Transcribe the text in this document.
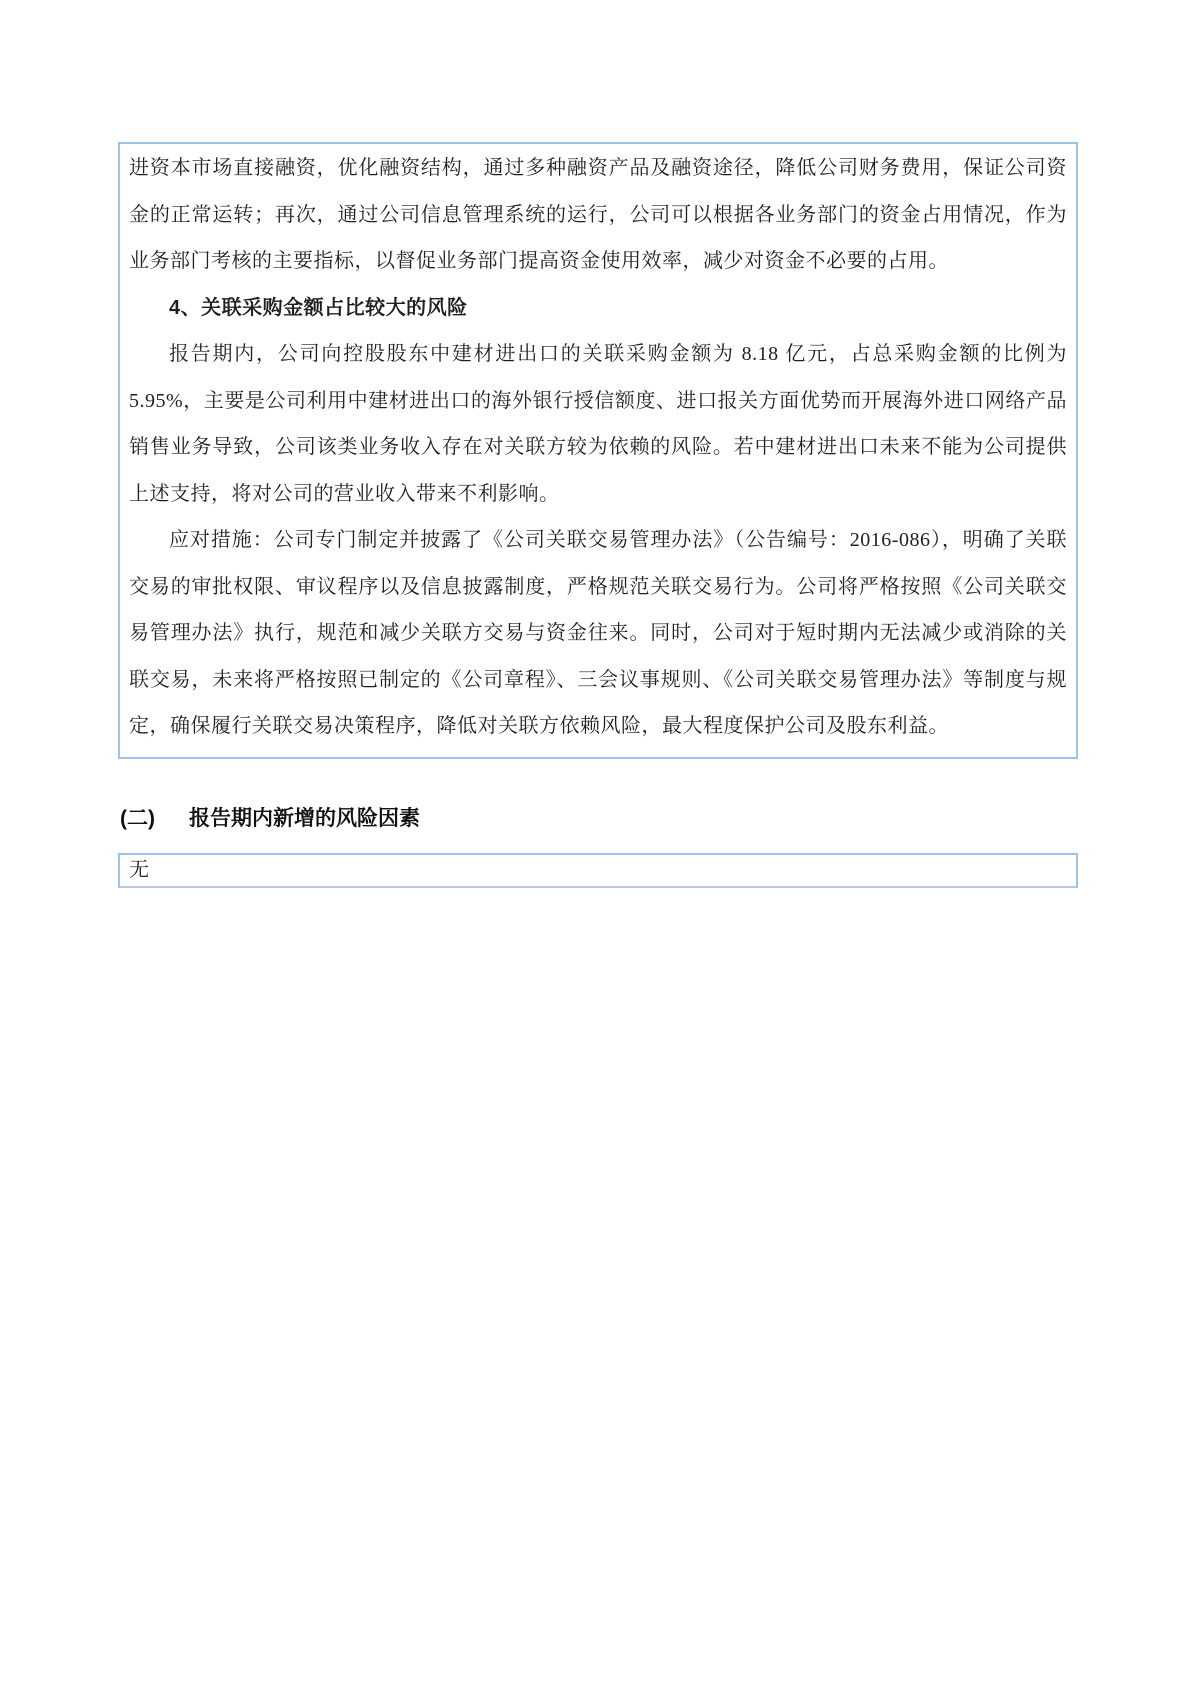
进资本市场直接融资，优化融资结构，通过多种融资产品及融资途径，降低公司财务费用，保证公司资金的正常运转；再次，通过公司信息管理系统的运行，公司可以根据各业务部门的资金占用情况，作为业务部门考核的主要指标，以督促业务部门提高资金使用效率，减少对资金不必要的占用。

4、关联采购金额占比较大的风险

报告期内，公司向控股股东中建材进出口的关联采购金额为 8.18 亿元，占总采购金额的比例为 5.95%，主要是公司利用中建材进出口的海外银行授信额度、进口报关方面优势而开展海外进口网络产品销售业务导致，公司该类业务收入存在对关联方较为依赖的风险。若中建材进出口未来不能为公司提供上述支持，将对公司的营业收入带来不利影响。

应对措施：公司专门制定并披露了《公司关联交易管理办法》（公告编号：2016-086），明确了关联交易的审批权限、审议程序以及信息披露制度，严格规范关联交易行为。公司将严格按照《公司关联交易管理办法》执行，规范和减少关联方交易与资金往来。同时，公司对于短时期内无法减少或消除的关联交易，未来将严格按照已制定的《公司章程》、三会议事规则、《公司关联交易管理办法》等制度与规定，确保履行关联交易决策程序，降低对关联方依赖风险，最大程度保护公司及股东利益。

(二) 报告期内新增的风险因素
无
